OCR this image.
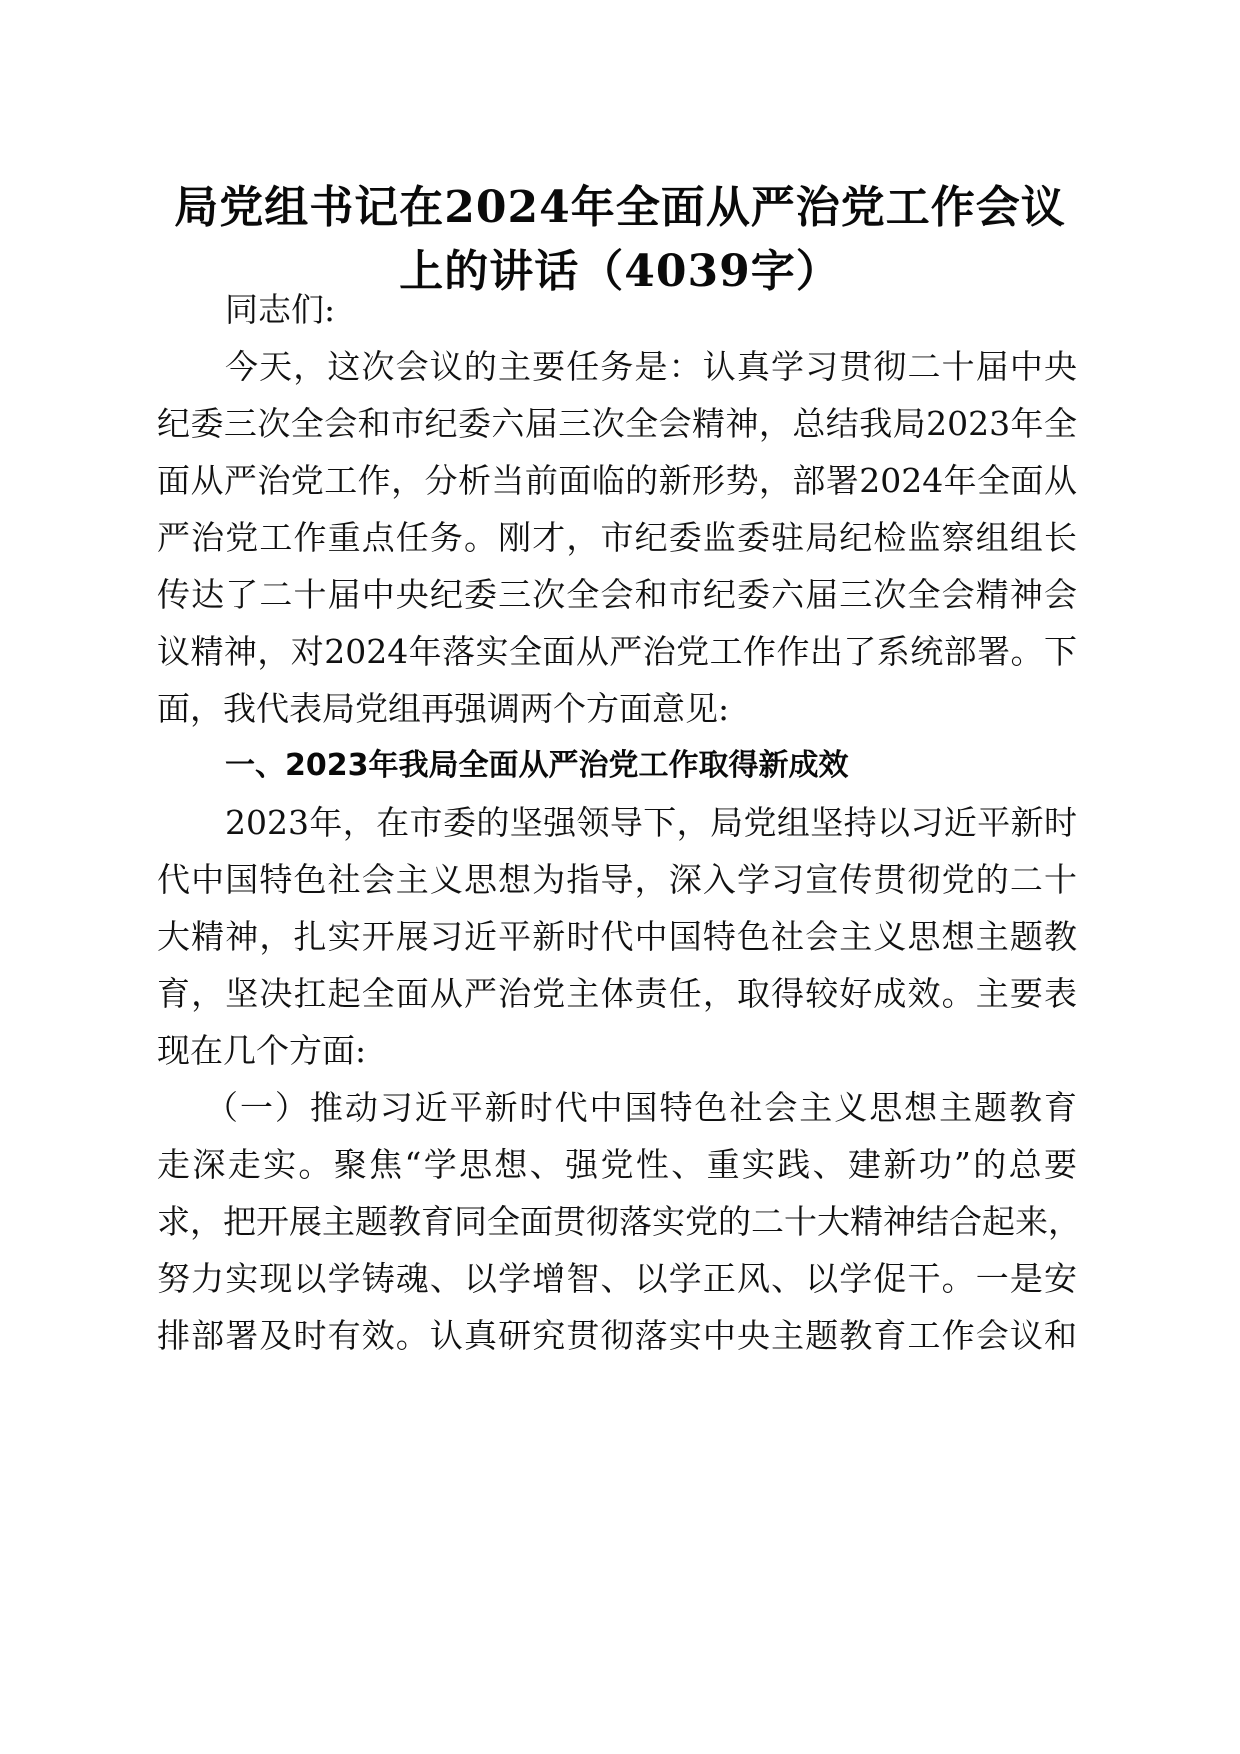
局党组书记在2024年全面从严治党工作会议
上的讲话（4039字）
同志们:
今天，这次会议的主要任务是：认真学习贯彻二十届中央
纪委三次全会和市纪委六届三次全会精神，总结我局2023年全
面从严治党工作，分析当前面临的新形势，部署2024年全面从
严治党工作重点任务。刚才，市纪委监委驻局纪检监察组组长
传达了二十届中央纪委三次全会和市纪委六届三次全会精神会
议精神，对2024年落实全面从严治党工作作出了系统部署。下
面，我代表局党组再强调两个方面意见:
一、2023年我局全面从严治党工作取得新成效
2023年，在市委的坚强领导下，局党组坚持以习近平新时
代中国特色社会主义思想为指导，深入学习宣传贯彻党的二十
大精神，扎实开展习近平新时代中国特色社会主义思想主题教
育，坚决扛起全面从严治党主体责任，取得较好成效。主要表
现在几个方面:
（一）推动习近平新时代中国特色社会主义思想主题教育
走深走实。聚焦“学思想、强党性、重实践、建新功”的总要
求，把开展主题教育同全面贯彻落实党的二十大精神结合起来，
努力实现以学铸魂、以学增智、以学正风、以学促干。一是安
排部署及时有效。认真研究贯彻落实中央主题教育工作会议和
